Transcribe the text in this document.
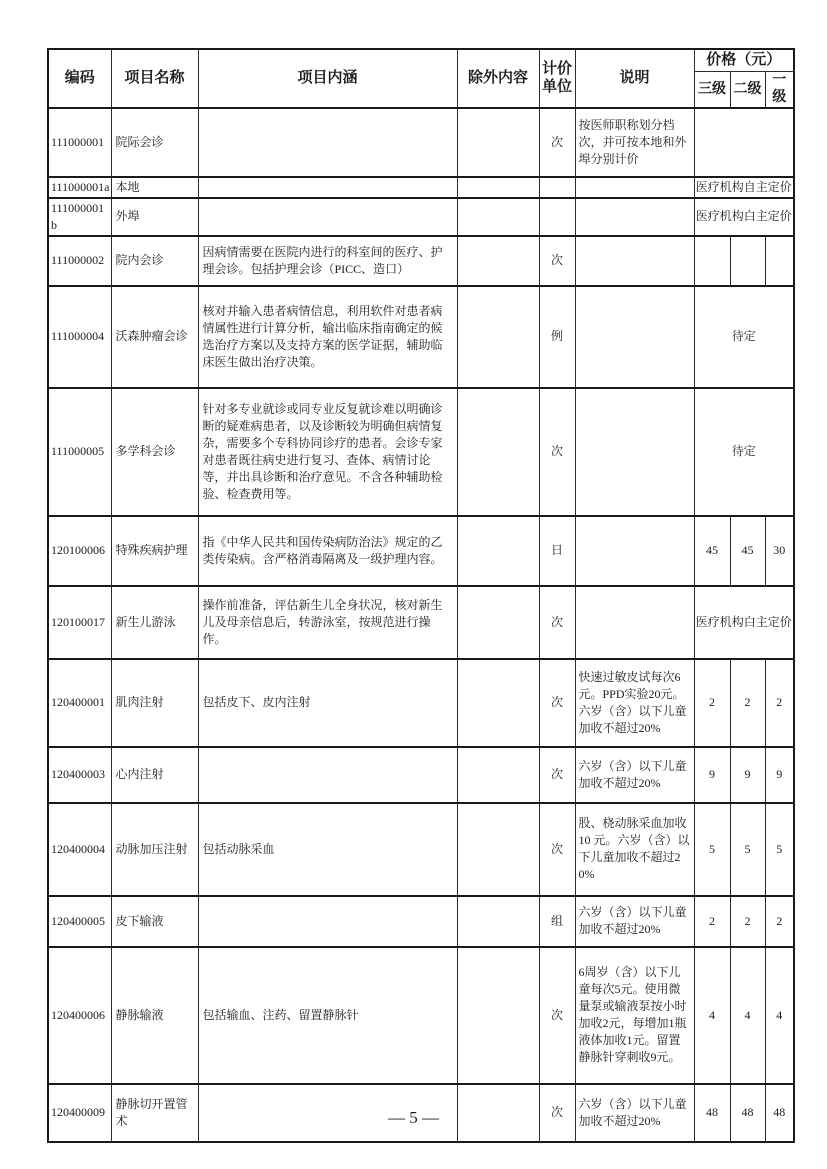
编码	项目名称	项目内涵	除外内容	计价单位	说明	价格（元）		
						三级	二级	一级
111000001	院际会诊			次	按医师职称划分档次，并可按本地和外埠分别计价			
111000001a	本地					医疗机构自主定价		
111000001b	外埠					医疗机构白主定价		
111000002	院内会诊	因病情需要在医院内进行的科室间的医疗、护理会诊。包括护理会诊（PICC、造口）		次				
111000004	沃森肿瘤会诊	核对并输入患者病情信息，利用软件对患者病情属性进行计算分析，输出临床指南确定的候选治疗方案以及支持方案的医学证据，辅助临床医生做出治疗决策。		例		待定		
111000005	多学科会诊	针对多专业就诊或同专业反复就诊难以明确诊断的疑难病患者，以及诊断较为明确但病情复杂，需要多个专科协同诊疗的患者。会诊专家对患者既往病史进行复习、查体、病情讨论等，并出具诊断和治疗意见。不含各种辅助检验、检查费用等。		次		待定		
120100006	特殊疾病护理	指《中华人民共和国传染病防治法》规定的乙类传染病。含严格消毒隔离及一级护理内容。		日		45	45	30
120100017	新生儿游泳	操作前准备，评估新生儿全身状况，核对新生儿及母亲信息后，转游泳室，按规范进行操作。		次		医疗机构白主定价		
120400001	肌肉注射	包括皮下、皮内注射		次	快速过敏皮试每次6元。PPD实验20元。六岁（含）以下儿童加收不超过20%	2	2	2
120400003	心内注射			次	六岁（含）以下儿童加收不超过20%	9	9	9
120400004	动脉加压注射	包括动脉采血		次	股、桡动脉采血加收10 元。六岁（含）以下儿童加收不超过20%	5	5	5
120400005	皮下输液			组	六岁（含）以下儿童加收不超过20%	2	2	2
120400006	静脉输液	包括输血、注药、留置静脉针		次	6周岁（含）以下儿童每次5元。使用微量泵或输液泵按小时加收2元，每增加1瓶液体加收1元。留置静脉针穿刺收9元。	4	4	4
120400009	静脉切开置管术			次	六岁（含）以下儿童加收不超过20%	48	48	48
— 5 —
